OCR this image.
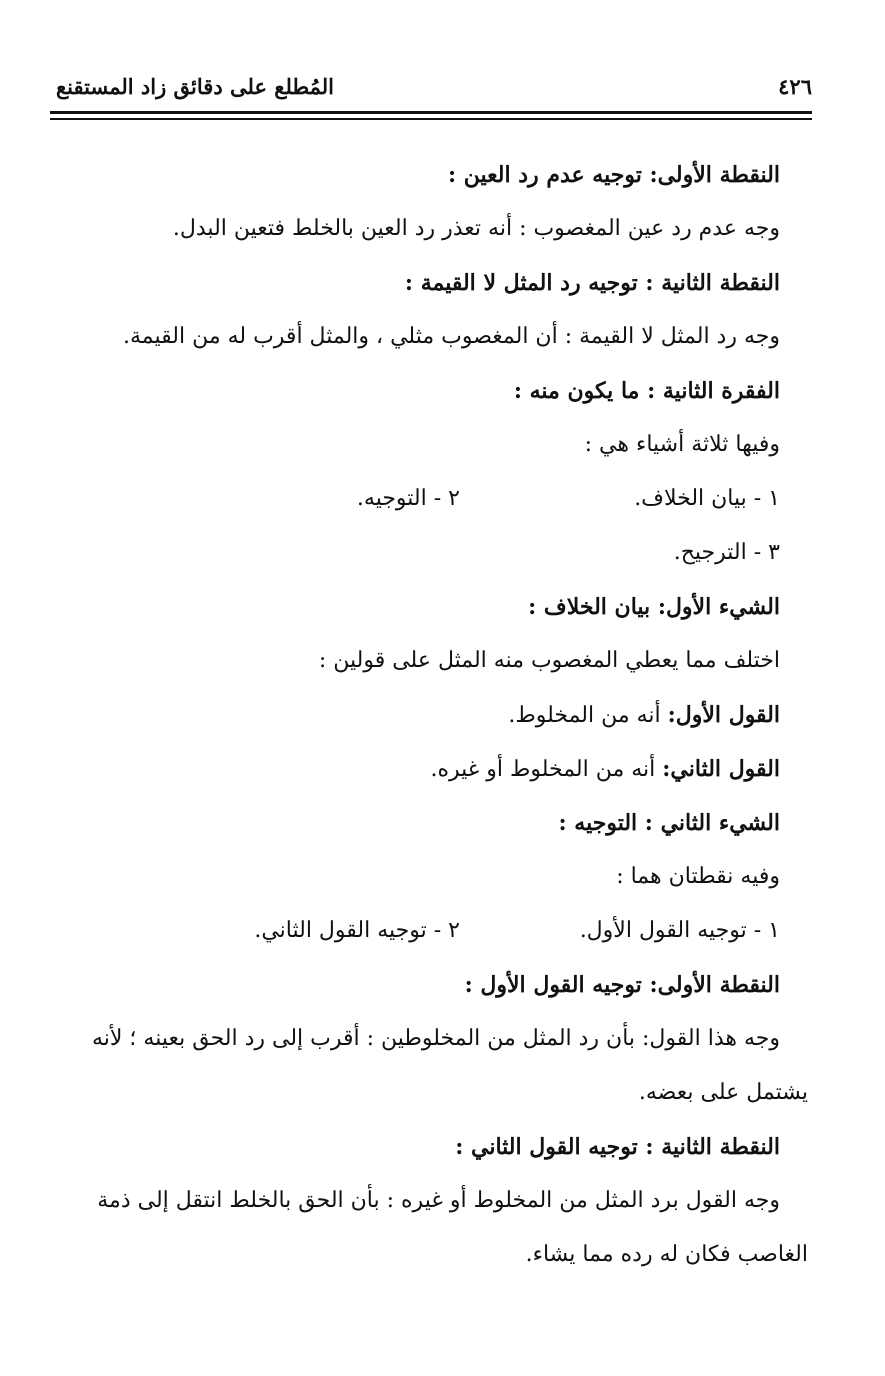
٤٢٦
المُطلع على دقائق زاد المستقنع
النقطة الأولى: توجيه عدم رد العين :
وجه عدم رد عين المغصوب : أنه تعذر رد العين بالخلط فتعين البدل.
النقطة الثانية : توجيه رد المثل لا القيمة :
وجه رد المثل لا القيمة : أن المغصوب مثلي ، والمثل أقرب له من القيمة.
الفقرة الثانية : ما يكون منه :
وفيها ثلاثة أشياء هي :
١ - بيان الخلاف.
٢ - التوجيه.
٣ - الترجيح.
الشيء الأول: بيان الخلاف :
اختلف مما يعطي المغصوب منه المثل على قولين :
القول الأول: أنه من المخلوط.
القول الثاني: أنه من المخلوط أو غيره.
الشيء الثاني : التوجيه :
وفيه نقطتان هما :
١ - توجيه القول الأول.
٢ - توجيه القول الثاني.
النقطة الأولى: توجيه القول الأول :
وجه هذا القول: بأن رد المثل من المخلوطين : أقرب إلى رد الحق بعينه ؛ لأنه
يشتمل على بعضه.
النقطة الثانية : توجيه القول الثاني :
وجه القول برد المثل من المخلوط أو غيره : بأن الحق بالخلط انتقل إلى ذمة
الغاصب فكان له رده مما يشاء.
